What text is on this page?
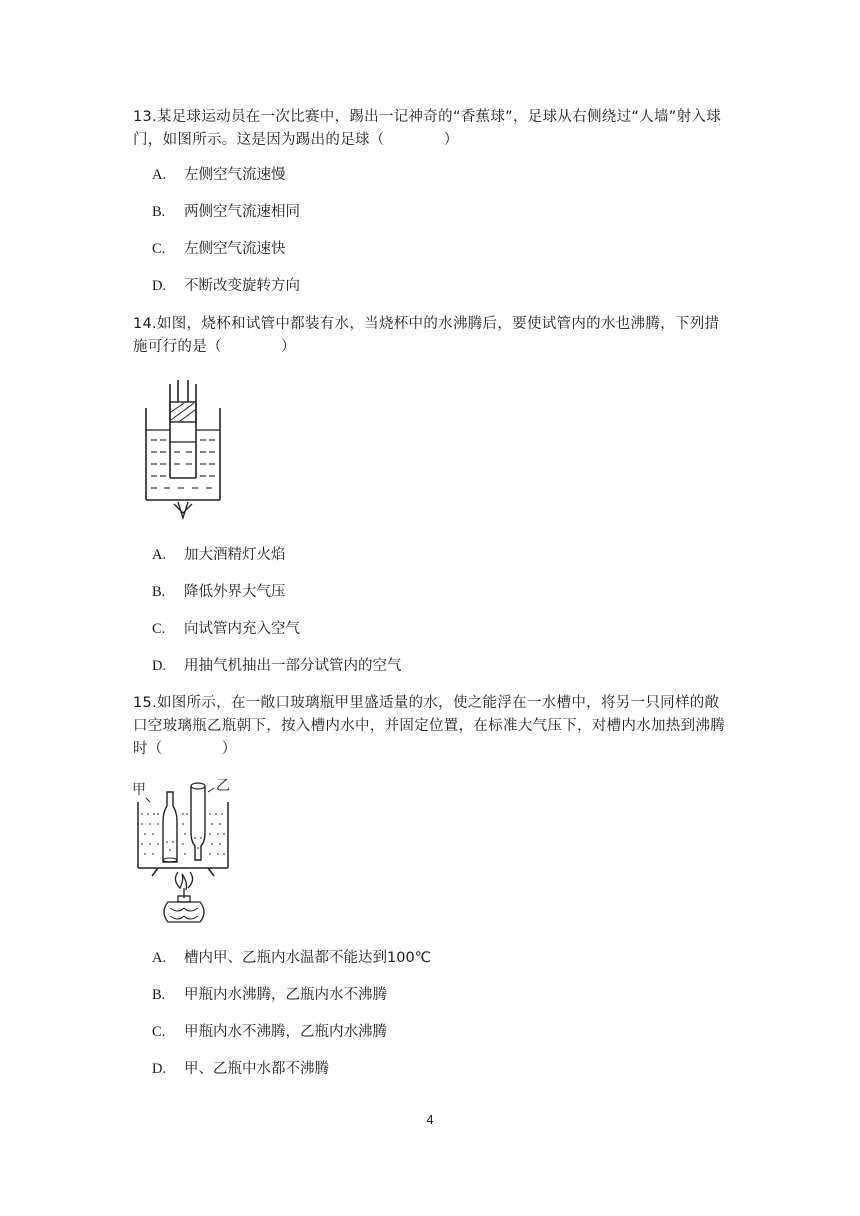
13.某足球运动员在一次比赛中，踢出一记神奇的“香蕉球”，足球从右侧绕过“人墙”射入球门，如图所示。这是因为踢出的足球（　　　　）
A. 左侧空气流速慢
B. 两侧空气流速相同
C. 左侧空气流速快
D. 不断改变旋转方向
14.如图，烧杯和试管中都装有水，当烧杯中的水沸腾后，要使试管内的水也沸腾，下列措施可行的是（　　　　）
A. 加大酒精灯火焰
B. 降低外界大气压
C. 向试管内充入空气
D. 用抽气机抽出一部分试管内的空气
15.如图所示，在一敞口玻璃瓶甲里盛适量的水，使之能浮在一水槽中，将另一只同样的敞口空玻璃瓶乙瓶朝下，按入槽内水中，并固定位置，在标准大气压下，对槽内水加热到沸腾时（　　　　）
甲	乙
A. 槽内甲、乙瓶内水温都不能达到100℃
B. 甲瓶内水沸腾，乙瓶内水不沸腾
C. 甲瓶内水不沸腾，乙瓶内水沸腾
D. 甲、乙瓶中水都不沸腾
4
